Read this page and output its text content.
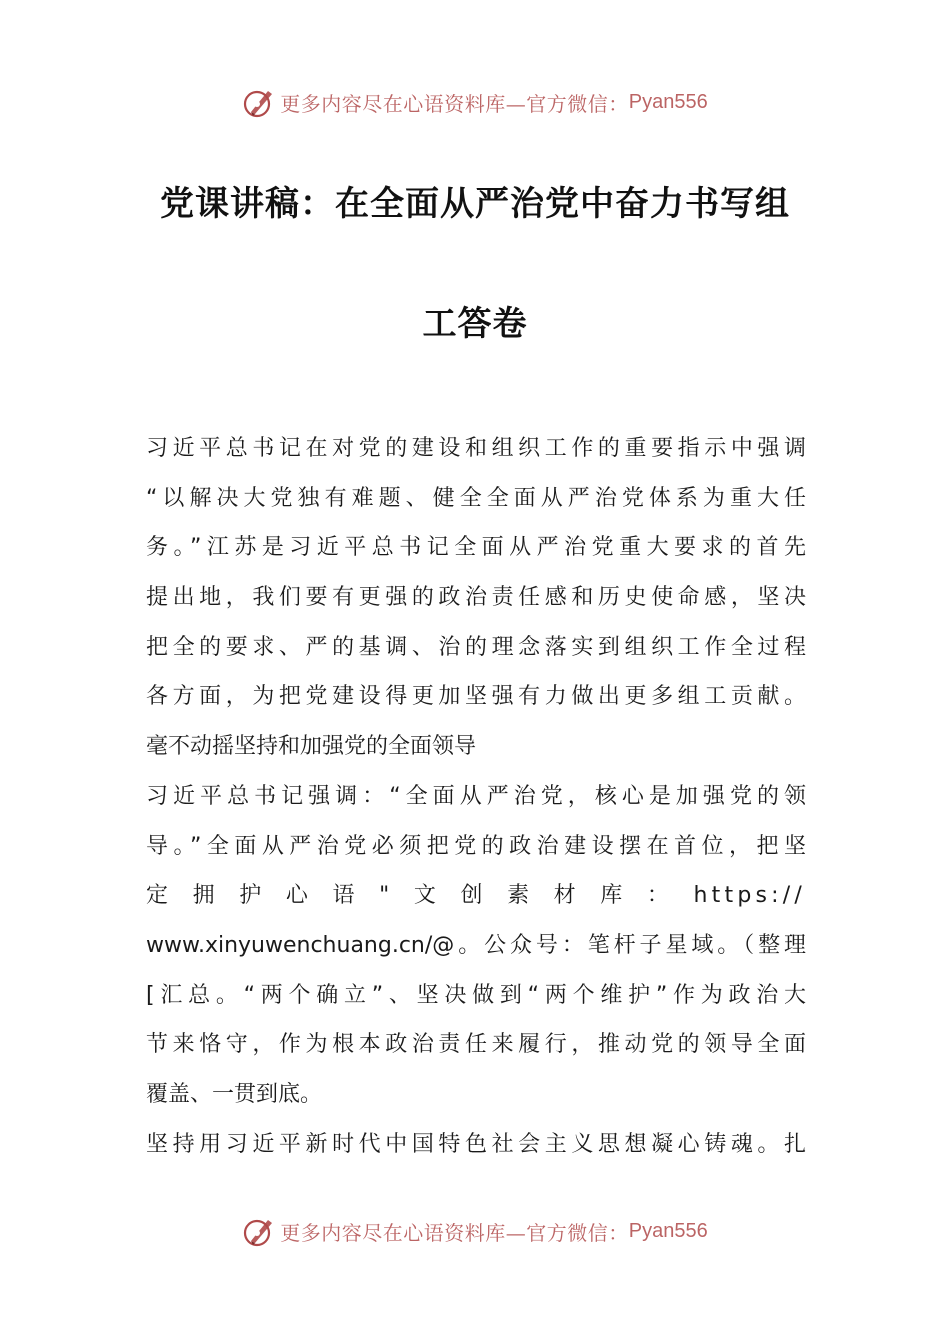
更多内容尽在心语资料库—官方微信： Pyan556
党课讲稿：在全面从严治党中奋力书写组
工答卷
习近平总书记在对党的建设和组织工作的重要指示中强调
“以解决大党独有难题、健全全面从严治党体系为重大任
务。”江苏是习近平总书记全面从严治党重大要求的首先
提出地，我们要有更强的政治责任感和历史使命感，坚决
把全的要求、严的基调、治的理念落实到组织工作全过程
各方面，为把党建设得更加坚强有力做出更多组工贡献。
毫不动摇坚持和加强党的全面领导
习近平总书记强调：“全面从严治党，核心是加强党的领
导。”全面从严治党必须把党的政治建设摆在首位，把坚
定拥护心语"文创素材库：https://
www.xinyuwenchuang.cn/@。公众号：笔杆子星域。（整理
[汇总。“两个确立”、坚决做到“两个维护”作为政治大
节来恪守，作为根本政治责任来履行，推动党的领导全面
覆盖、一贯到底。
坚持用习近平新时代中国特色社会主义思想凝心铸魂。扎
更多内容尽在心语资料库—官方微信： Pyan556
